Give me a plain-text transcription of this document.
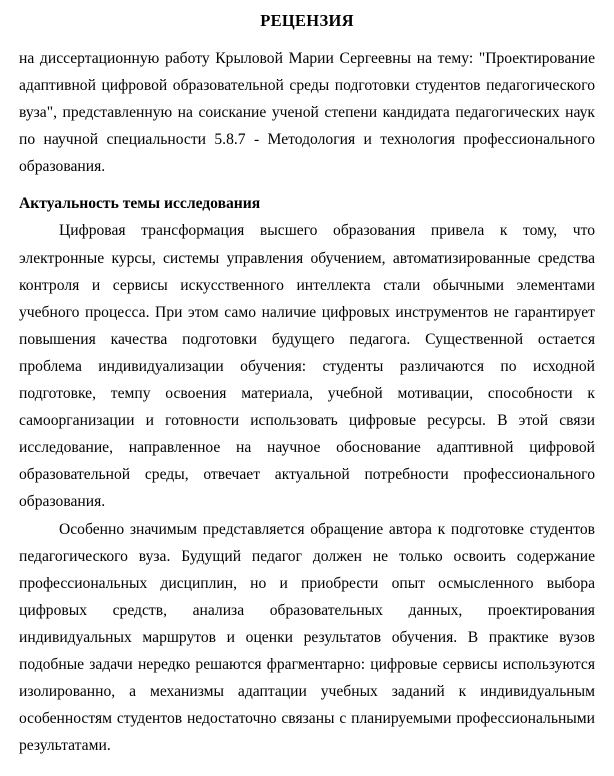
РЕЦЕНЗИЯ

на диссертационную работу Крыловой Марии Сергеевны на тему: "Проектирование адаптивной цифровой образовательной среды подготовки студентов педагогического вуза", представленную на соискание ученой степени кандидата педагогических наук по научной специальности 5.8.7 - Методология и технология профессионального образования.

Актуальность темы исследования

Цифровая трансформация высшего образования привела к тому, что электронные курсы, системы управления обучением, автоматизированные средства контроля и сервисы искусственного интеллекта стали обычными элементами учебного процесса. При этом само наличие цифровых инструментов не гарантирует повышения качества подготовки будущего педагога. Существенной остается проблема индивидуализации обучения: студенты различаются по исходной подготовке, темпу освоения материала, учебной мотивации, способности к самоорганизации и готовности использовать цифровые ресурсы. В этой связи исследование, направленное на научное обоснование адаптивной цифровой образовательной среды, отвечает актуальной потребности профессионального образования.

Особенно значимым представляется обращение автора к подготовке студентов педагогического вуза. Будущий педагог должен не только освоить содержание профессиональных дисциплин, но и приобрести опыт осмысленного выбора цифровых средств, анализа образовательных данных, проектирования индивидуальных маршрутов и оценки результатов обучения. В практике вузов подобные задачи нередко решаются фрагментарно: цифровые сервисы используются изолированно, а механизмы адаптации учебных заданий к индивидуальным особенностям студентов недостаточно связаны с планируемыми профессиональными результатами.
